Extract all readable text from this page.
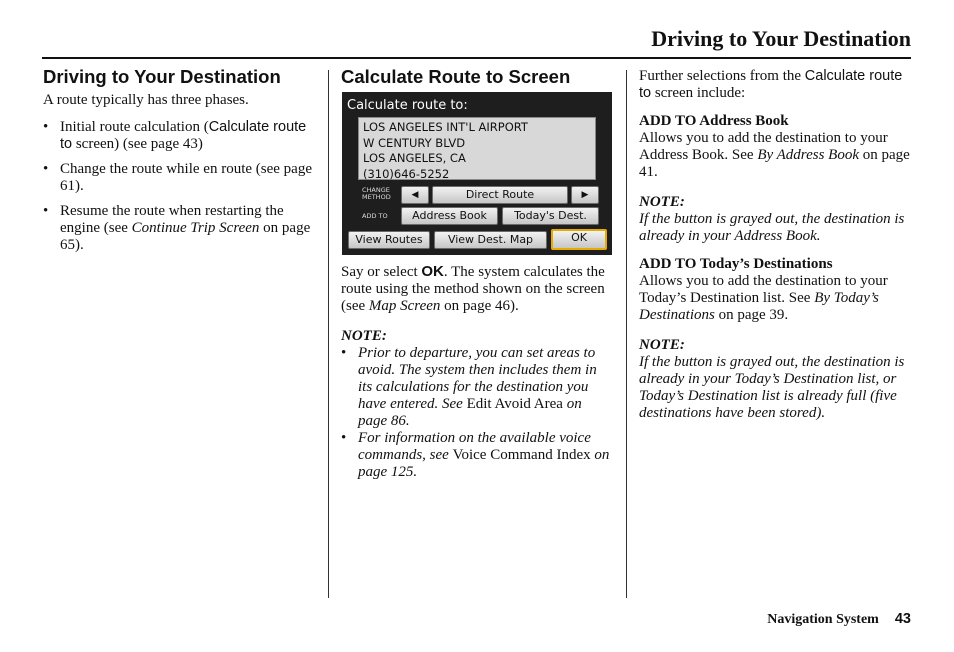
Driving to Your Destination
Driving to Your Destination

A route typically has three phases.

• Initial route calculation (Calculate route to screen) (see page 43)
• Change the route while en route (see page 61).
• Resume the route when restarting the engine (see Continue Trip Screen on page 65).
Calculate Route to Screen
Calculate route to:
LOS ANGELES INT'L AIRPORT
W CENTURY BLVD
LOS ANGELES, CA
(310)646-5252
CHANGE
METHOD	◀	Direct Route	▶
ADD TO	Address Book	Today's Dest.
View Routes	View Dest. Map	OK

Say or select OK. The system calculates the route using the method shown on the screen (see Map Screen on page 46).

NOTE:

• Prior to departure, you can set areas to avoid. The system then includes them in its calculations for the destination you have entered. See Edit Avoid Area on page 86.
• For information on the available voice commands, see Voice Command Index on page 125.

Further selections from the Calculate route to screen include:

ADD TO Address Book

Allows you to add the destination to your Address Book. See By Address Book on page 41.

NOTE:

If the button is grayed out, the destination is already in your Address Book.

ADD TO Today’s Destinations

Allows you to add the destination to your Today’s Destination list. See By Today’s Destinations on page 39.

NOTE:

If the button is grayed out, the destination is already in your Today’s Destination list, or Today’s Destination list is already full (five destinations have been stored).

Navigation System 43
